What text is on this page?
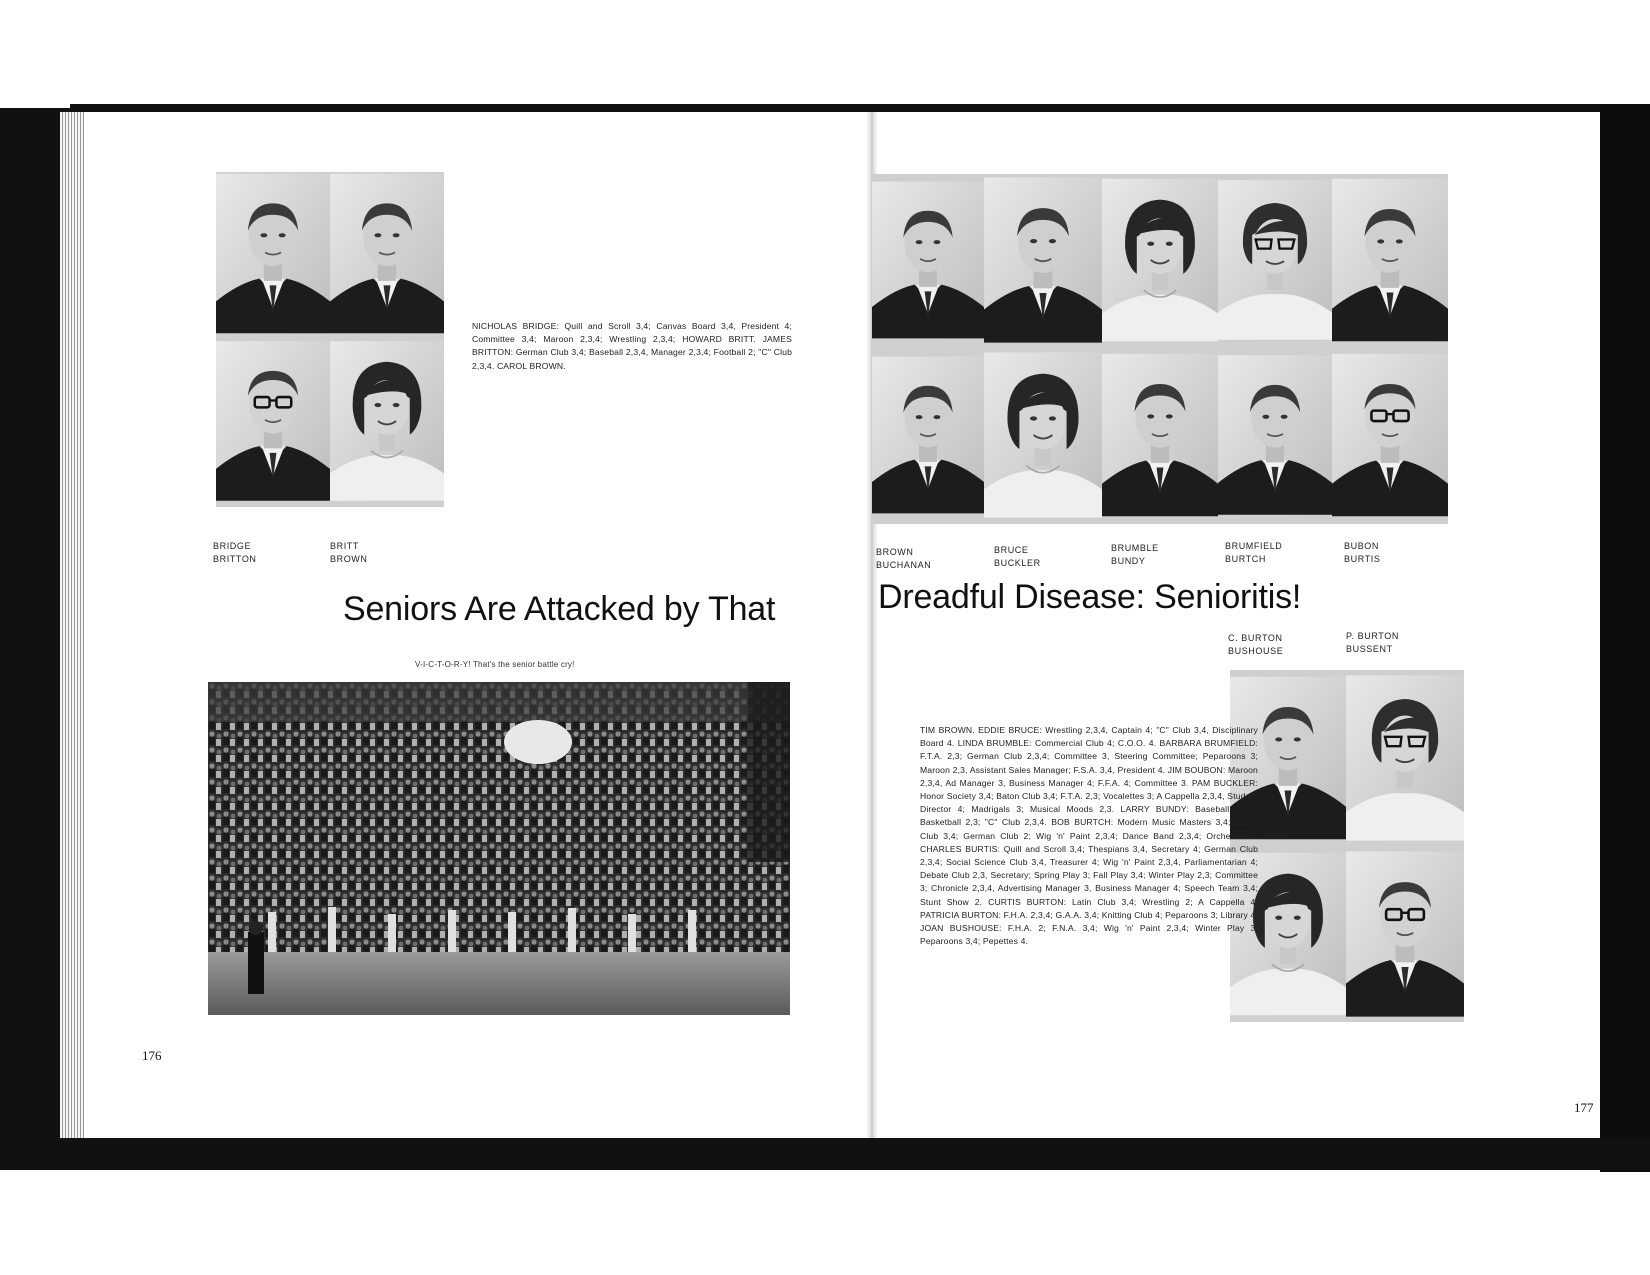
NICHOLAS BRIDGE: Quill and Scroll 3,4; Canvas Board 3,4, President 4; Committee 3,4; Maroon 2,3,4; Wrestling 2,3,4; HOWARD BRITT. JAMES BRITTON: German Club 3,4; Baseball 2,3,4, Manager 2,3,4; Football 2; "C" Club 2,3,4. CAROL BROWN.
BRIDGE
BRITTON
BRITT
BROWN
Seniors Are Attacked by That
V-I-C-T-O-R-Y! That's the senior battle cry!
176
BROWN
BUCHANAN
BRUCE
BUCKLER
BRUMBLE
BUNDY
BRUMFIELD
BURTCH
BUBON
BURTIS
Dreadful Disease: Senioritis!
C. BURTON
BUSHOUSE
P. BURTON
BUSSENT
TIM BROWN. EDDIE BRUCE: Wrestling 2,3,4, Captain 4; "C" Club 3,4, Disciplinary Board 4. LINDA BRUMBLE: Commercial Club 4; C.O.O. 4. BARBARA BRUMFIELD: F.T.A. 2,3; German Club 2,3,4; Committee 3, Steering Committee; Peparoons 3; Maroon 2,3, Assistant Sales Manager; F.S.A. 3,4, President 4. JIM BOUBON: Maroon 2,3,4, Ad Manager 3, Business Manager 4; F.F.A. 4; Committee 3. PAM BUCKLER: Honor Society 3,4; Baton Club 3,4; F.T.A. 2,3; Vocalettes 3; A Cappella 2,3,4, Student Director 4; Madrigals 3; Musical Moods 2,3. LARRY BUNDY: Baseball 2,3,4; Basketball 2,3; "C" Club 2,3,4. BOB BURTCH: Modern Music Masters 3,4; Baton Club 3,4; German Club 2; Wig 'n' Paint 2,3,4; Dance Band 2,3,4; Orchestra 2. CHARLES BURTIS: Quill and Scroll 3,4; Thespians 3,4, Secretary 4; German Club 2,3,4; Social Science Club 3,4, Treasurer 4; Wig 'n' Paint 2,3,4, Parliamentarian 4; Debate Club 2,3, Secretary; Spring Play 3; Fall Play 3,4; Winter Play 2,3; Committee 3; Chronicle 2,3,4, Advertising Manager 3, Business Manager 4; Speech Team 3,4; Stunt Show 2. CURTIS BURTON: Latin Club 3,4; Wrestling 2; A Cappella 4. PATRICIA BURTON: F.H.A. 2,3,4; G.A.A. 3,4; Knitting Club 4; Peparoons 3; Library 4. JOAN BUSHOUSE: F.H.A. 2; F.N.A. 3,4; Wig 'n' Paint 2,3,4; Winter Play 3; Peparoons 3,4; Pepettes 4.
177
